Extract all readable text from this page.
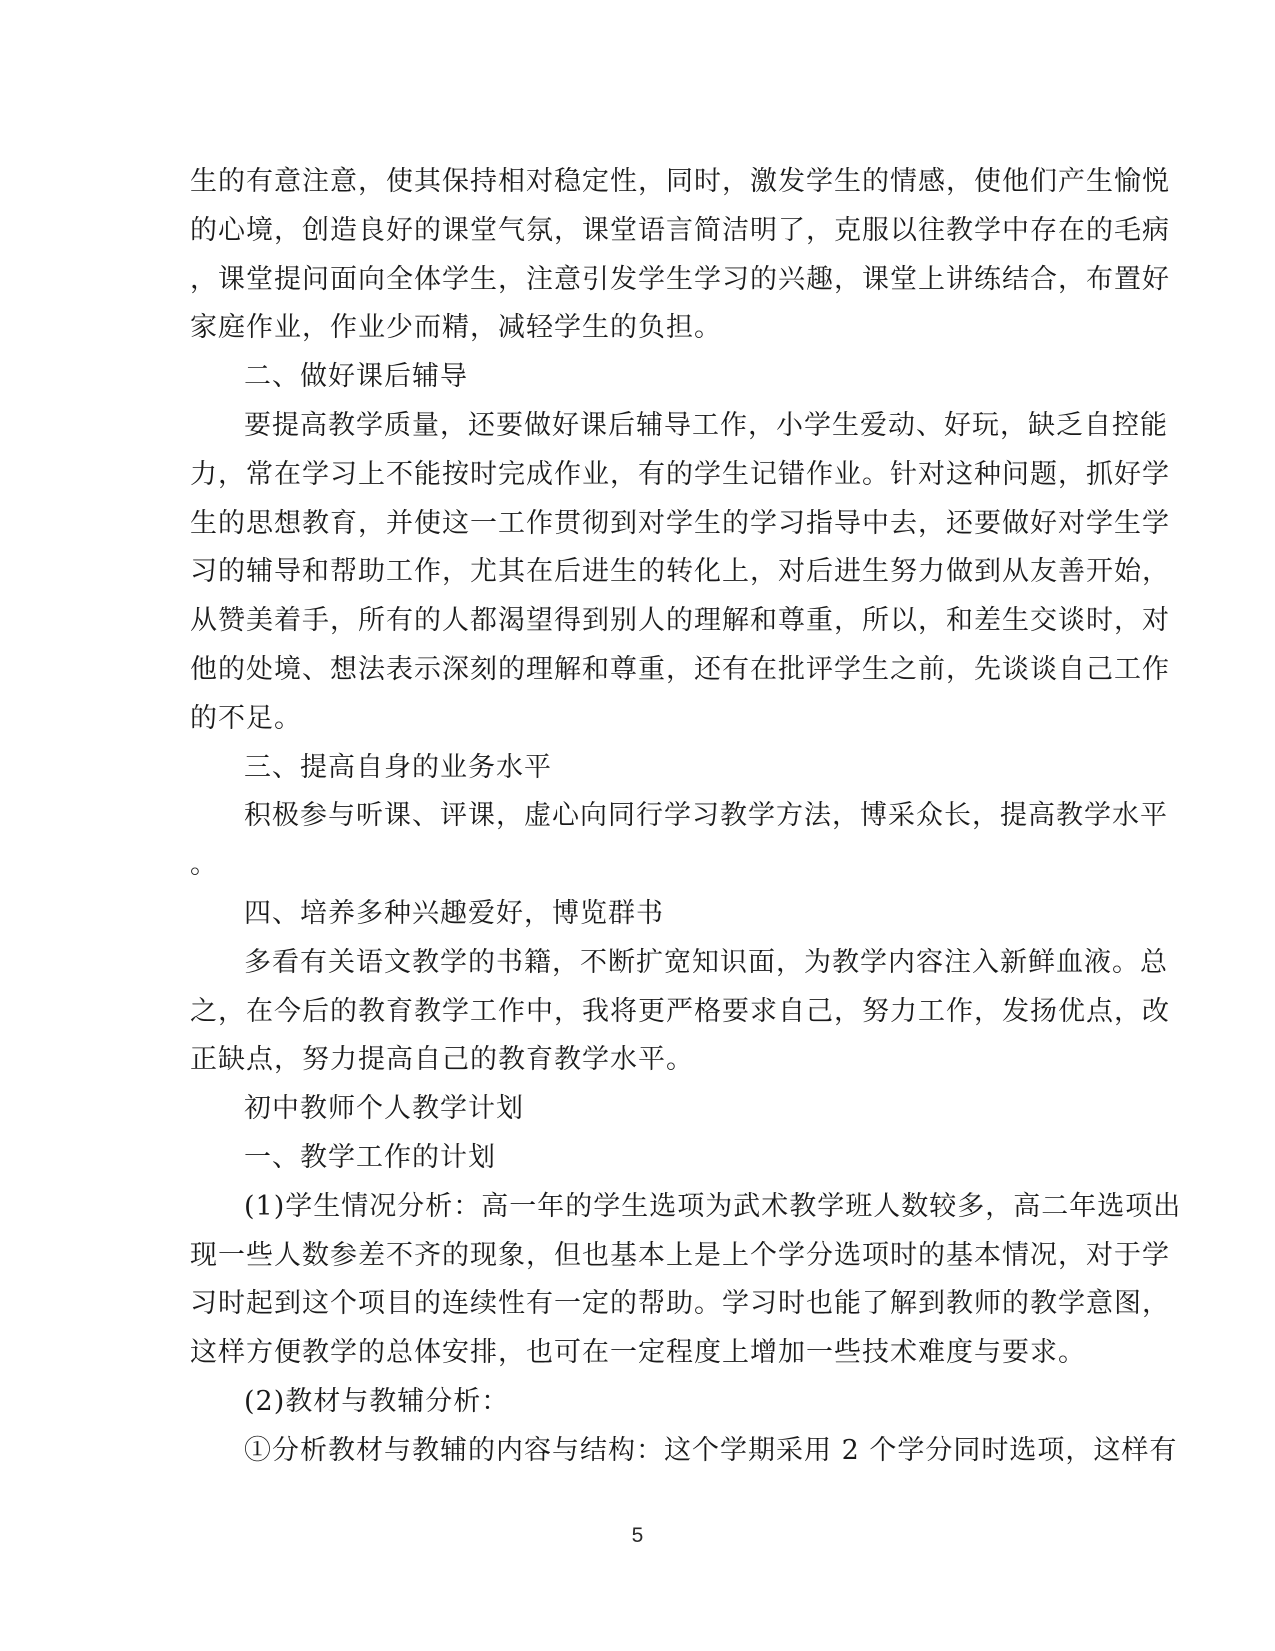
生的有意注意，使其保持相对稳定性，同时，激发学生的情感，使他们产生愉悦
的心境，创造良好的课堂气氛，课堂语言简洁明了，克服以往教学中存在的毛病
，课堂提问面向全体学生，注意引发学生学习的兴趣，课堂上讲练结合，布置好
家庭作业，作业少而精，减轻学生的负担。
二、做好课后辅导
要提高教学质量，还要做好课后辅导工作，小学生爱动、好玩，缺乏自控能
力，常在学习上不能按时完成作业，有的学生记错作业。针对这种问题，抓好学
生的思想教育，并使这一工作贯彻到对学生的学习指导中去，还要做好对学生学
习的辅导和帮助工作，尤其在后进生的转化上，对后进生努力做到从友善开始，
从赞美着手，所有的人都渴望得到别人的理解和尊重，所以，和差生交谈时，对
他的处境、想法表示深刻的理解和尊重，还有在批评学生之前，先谈谈自己工作
的不足。
三、提高自身的业务水平
积极参与听课、评课，虚心向同行学习教学方法，博采众长，提高教学水平
。
四、培养多种兴趣爱好，博览群书
多看有关语文教学的书籍，不断扩宽知识面，为教学内容注入新鲜血液。总
之，在今后的教育教学工作中，我将更严格要求自己，努力工作，发扬优点，改
正缺点，努力提高自己的教育教学水平。
初中教师个人教学计划
一、教学工作的计划
(1)学生情况分析：高一年的学生选项为武术教学班人数较多，高二年选项出
现一些人数参差不齐的现象，但也基本上是上个学分选项时的基本情况，对于学
习时起到这个项目的连续性有一定的帮助。学习时也能了解到教师的教学意图，
这样方便教学的总体安排，也可在一定程度上增加一些技术难度与要求。
(2)教材与教辅分析：
①分析教材与教辅的内容与结构：这个学期采用 2 个学分同时选项，这样有
5
